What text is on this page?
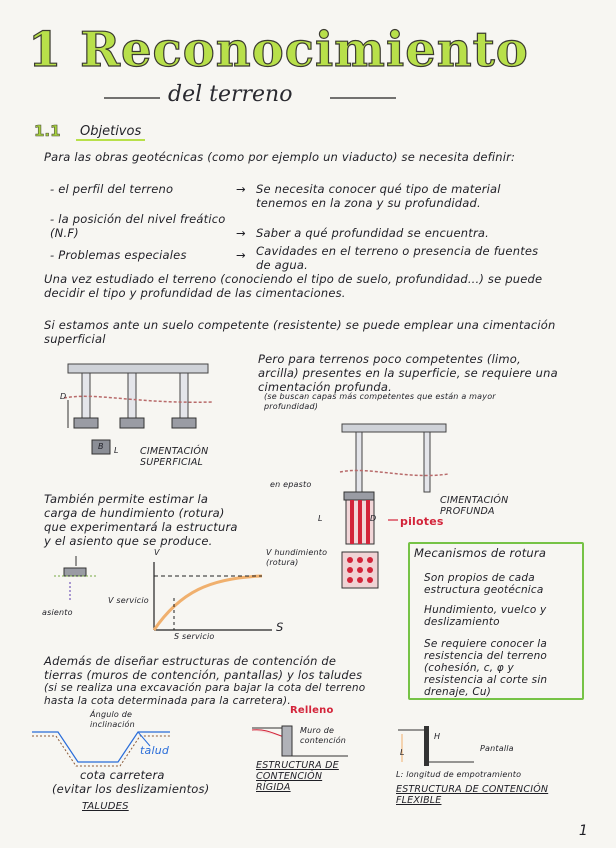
1 Reconocimiento
del terreno
1.1	Objetivos
Para las obras geotécnicas (como por ejemplo un viaducto) se necesita definir:
- el perfil del terreno	→ Se necesita conocer qué tipo de material tenemos en la zona y su profundidad.
- la posición del nivel freático (N.F)	→ Saber a qué profundidad se encuentra.
- Problemas especiales	→ Cavidades en el terreno o presencia de fuentes de agua.
Una vez estudiado el terreno (conociendo el tipo de suelo, profundidad...) se puede decidir el tipo y profundidad de las cimentaciones.
Si estamos ante un suelo competente (resistente) se puede emplear una cimentación superficial
D
B L CIMENTACIÓN SUPERFICIAL
Pero para terrenos poco competentes (limo, arcilla) presentes en la superficie, se requiere una cimentación profunda.
(se buscan capas más competentes que están a mayor profundidad)
en epasto
L	D pilotes
CIMENTACIÓN PROFUNDA
También permite estimar la carga de hundimiento (rotura) que experimentará la estructura y el asiento que se produce.
V	V hundimiento (rotura)
V servicio
S servicio
S
asiento
Mecanismos de rotura
Son propios de cada estructura geotécnica
Hundimiento, vuelco y deslizamiento
Se requiere conocer la resistencia del terreno (cohesión, c, φ y resistencia al corte sin drenaje, Cu)
Además de diseñar estructuras de contención de tierras (muros de contención, pantallas) y los taludes
(si se realiza una excavación para bajar la cota del terreno hasta la cota determinada para la carretera).
Ángulo de inclinación
talud
cota carretera
(evitar los deslizamientos)
TALUDES
Relleno
Muro de contención
ESTRUCTURA DE CONTENCIÓN RÍGIDA
H
Pantalla
L
L: longitud de empotramiento
ESTRUCTURA DE CONTENCIÓN FLEXIBLE
1
